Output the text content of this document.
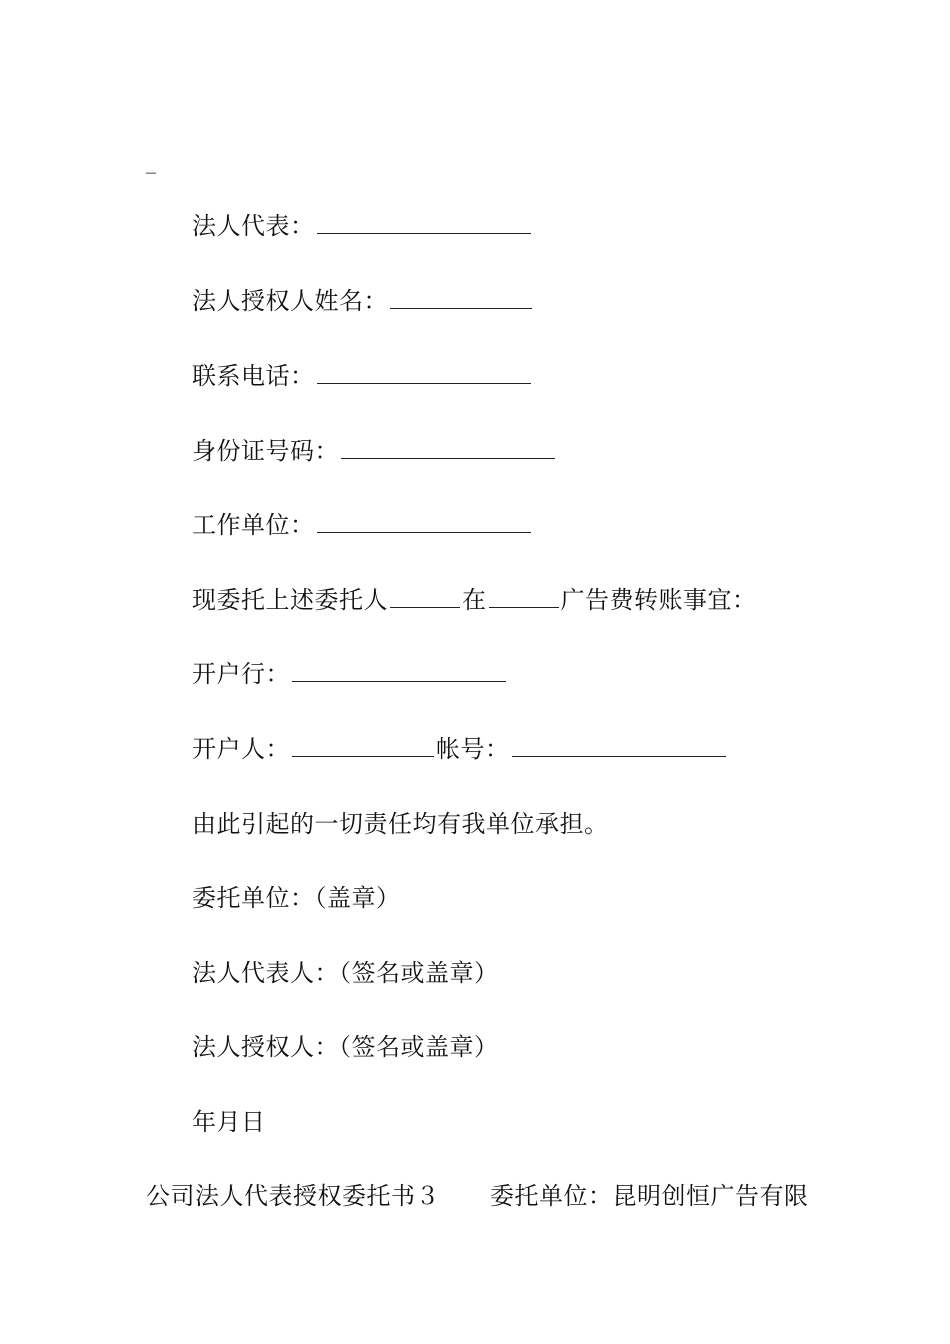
_
法人代表：
法人授权人姓名：
联系电话：
身份证号码：
工作单位：
现委托上述委托人	在	广告费转账事宜：
开户行：
开户人：	帐号：
由此引起的一切责任均有我单位承担。
委托单位：（盖章）
法人代表人：（签名或盖章）
法人授权人：（签名或盖章）
年月日
公司法人代表授权委托书３ 委托单位：昆明创恒广告有限
